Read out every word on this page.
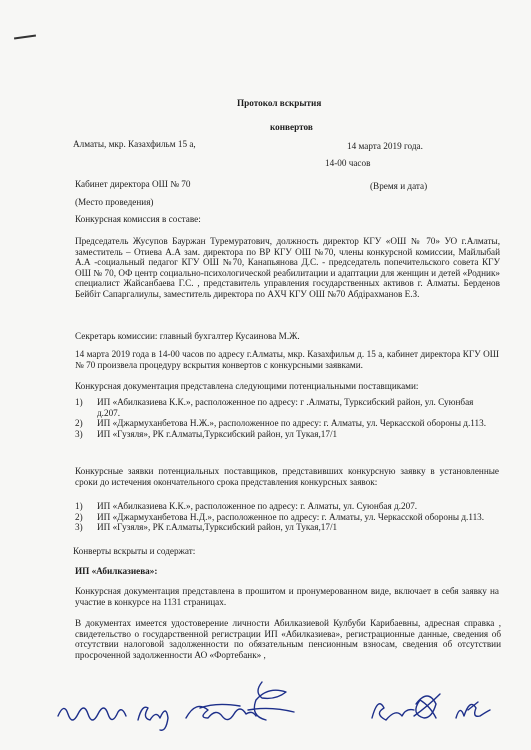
Протокол вскрытия
конвертов
Алматы, мкр. Казахфильм 15 а,	14 марта 2019 года.
14-00 часов
Кабинет директора ОШ № 70	(Время и дата)
(Место проведения)
Конкурсная комиссия в составе:
Председатель Жусупов Бауржан Туремуратович, должность директор КГУ «ОШ № 70» УО г.Алматы, заместитель – Отиева А.А зам. директора по ВР КГУ ОШ №70, члены конкурсной комиссии, Майлыбай А.А -социальный педагог КГУ ОШ №70, Канапьянова Д.С. - председатель попечительского совета КГУ ОШ № 70, ОФ центр социально-психологической реабилитации и адаптации для женщин и детей «Родник» специалист Жайсанбаева Г.С. , представитель управления государственных активов г. Алматы. Берденов Бейбіт Сапаргалиулы, заместитель директора по АХЧ КГУ ОШ №70 Абдірахманов Е.З.
Секретарь комиссии: главный бухгалтер Кусаинова М.Ж.
14 марта 2019 года в 14-00 часов по адресу г.Алматы, мкр. Казахфильм д. 15 а, кабинет директора КГУ ОШ № 70 произвела процедуру вскрытия конвертов с конкурсными заявками.
Конкурсная документация представлена следующими потенциальными поставщиками:
1)	ИП «Абилказиева К.К.», расположенное по адресу: г .Алматы, Турксибский район, ул. Суюнбая д.207.
2)	ИП «Джармуханбетова Н.Ж.», расположенное по адресу: г. Алматы, ул. Черкасской обороны д.113.
3)	ИП «Гузяля», РК г.Алматы,Турксибский район, ул Тукая,17/1
Конкурсные заявки потенциальных поставщиков, представивших конкурсную заявку в установленные сроки до истечения окончательного срока представления конкурсных заявок:
1)	ИП «Абилказиева К.К.», расположенное по адресу: г. Алматы, ул. Суюнбая д.207.
2)	ИП «Джармуханбетова Н.Д.», расположенное по адресу: г. Алматы, ул. Черкасской обороны д.113.
3)	ИП «Гузяля», РК г.Алматы,Турксибский район, ул Тукая,17/1
Конверты вскрыты и содержат:
ИП «Абилказиева»:
Конкурсная документация представлена в прошитом и пронумерованном виде, включает в себя заявку на участие в конкурсе на 1131 страницах.
В документах имеется удостоверение личности Абилказиевой Кулбуби Карибаевны, адресная справка , свидетельство о государственной регистрации ИП «Абилказиева», регистрационные данные, сведения об отсутствии налоговой задолженности по обязательным пенсионным взносам, сведения об отсутствии просроченной задолженности АО «Фортебанк» ,
